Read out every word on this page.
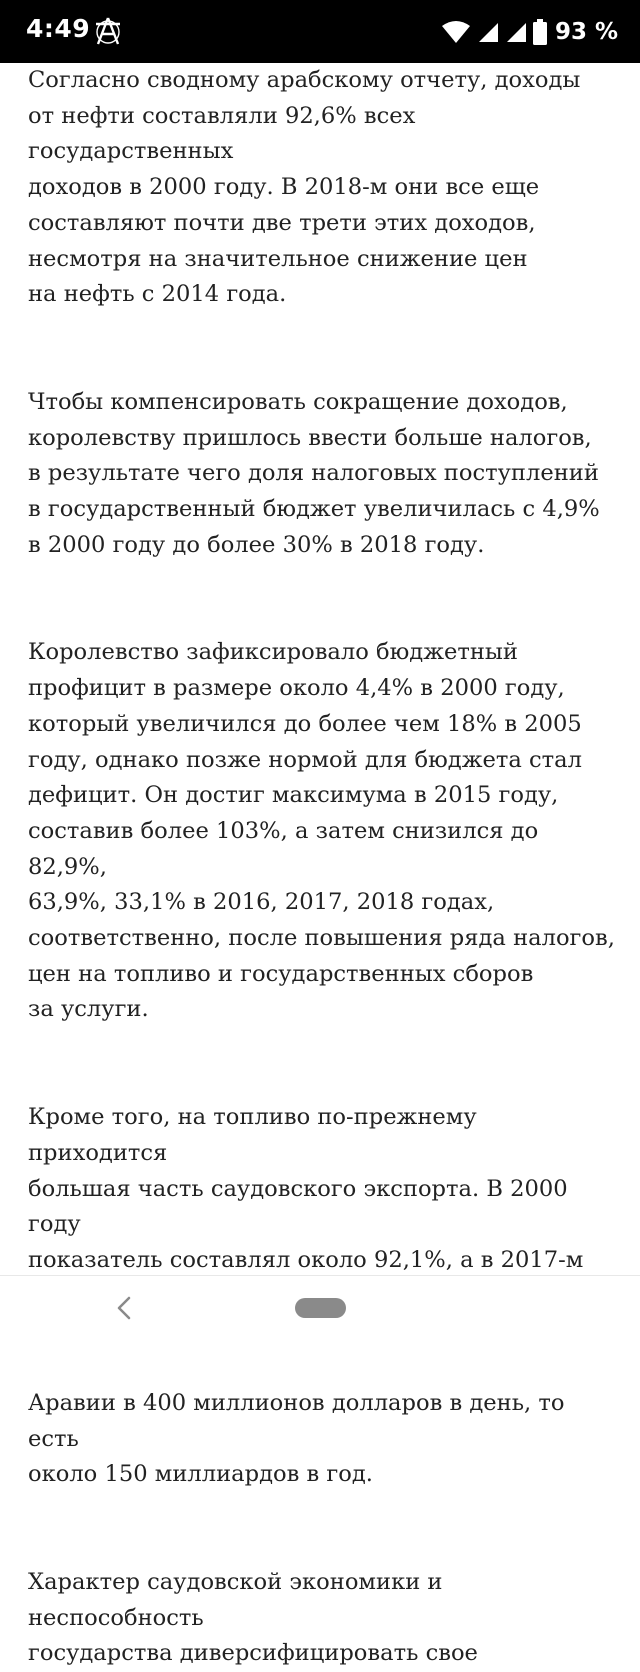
4:49	93 %

Согласно сводному арабскому отчету, доходы
от нефти составляли 92,6% всех государственных
доходов в 2000 году. В 2018-м они все еще
составляют почти две трети этих доходов,
несмотря на значительное снижение цен
на нефть с 2014 года.

Чтобы компенсировать сокращение доходов,
королевству пришлось ввести больше налогов,
в результате чего доля налоговых поступлений
в государственный бюджет увеличилась с 4,9%
в 2000 году до более 30% в 2018 году.

Королевство зафиксировало бюджетный
профицит в размере около 4,4% в 2000 году,
который увеличился до более чем 18% в 2005
году, однако позже нормой для бюджета стал
дефицит. Он достиг максимума в 2015 году,
составив более 103%, а затем снизился до 82,9%,
63,9%, 33,1% в 2016, 2017, 2018 годах,
соответственно, после повышения ряда налогов,
цен на топливо и государственных сборов
за услуги.

Кроме того, на топливо по-прежнему приходится
большая часть саудовского экспорта. В 2000 году
показатель составлял около 92,1%, а в 2017-м

Аравии в 400 миллионов долларов в день, то есть
около 150 миллиардов в год.

Характер саудовской экономики и неспособность
государства диверсифицировать свое
